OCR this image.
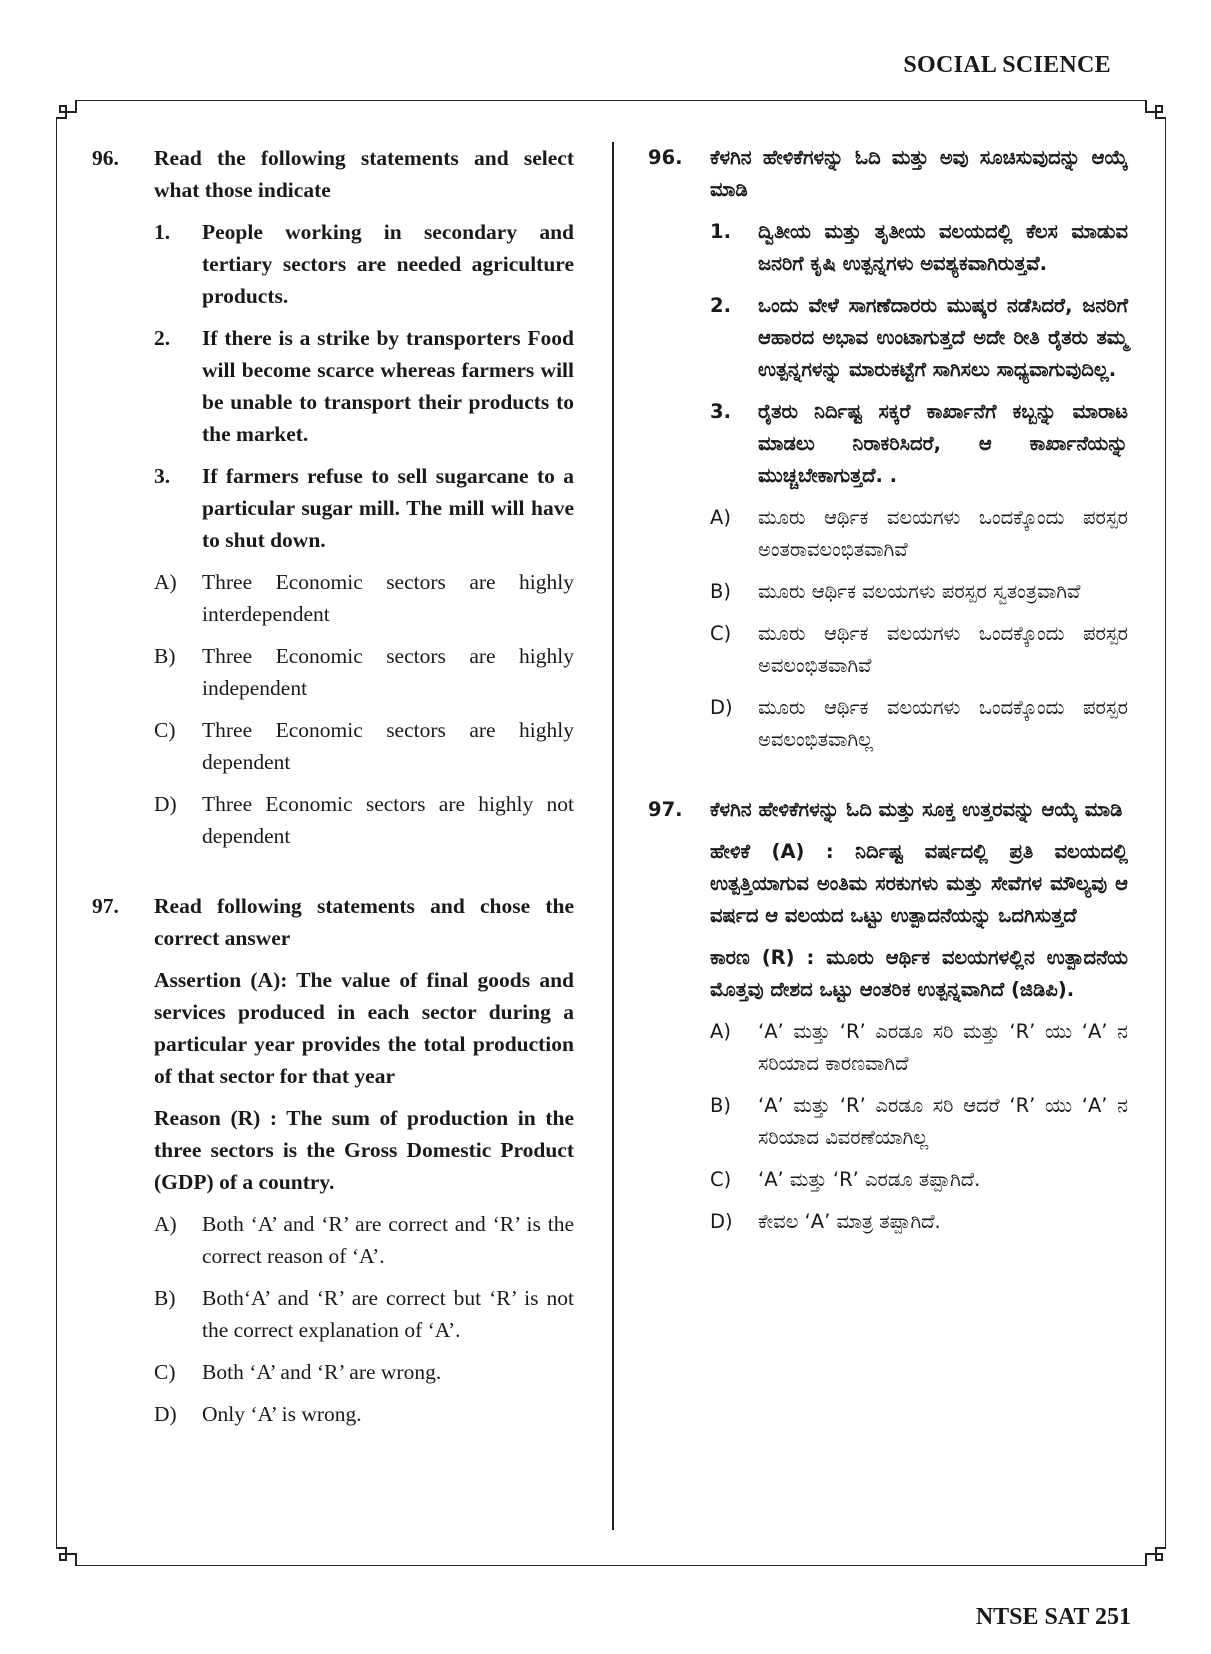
SOCIAL SCIENCE
96.	Read the following statements and select what those indicate
1.	People working in secondary and tertiary sectors are needed agriculture products.
2.	If there is a strike by transporters Food will become scarce whereas farmers will be unable to transport their products to the market.
3.	If farmers refuse to sell sugarcane to a particular sugar mill. The mill will have to shut down.
A)	Three Economic sectors are highly interdependent
B)	Three Economic sectors are highly independent
C)	Three Economic sectors are highly dependent
D)	Three Economic sectors are highly not dependent
97.	Read following statements and chose the correct answer
Assertion (A): The value of final goods and services produced in each sector during a particular year provides the total production of that sector for that year
Reason (R) : The sum of production in the three sectors is the Gross Domestic Product (GDP) of a country.
A)	Both ‘A’ and ‘R’ are correct and ‘R’ is the correct reason of ‘A’.
B)	Both‘A’ and ‘R’ are correct but ‘R’ is not the correct explanation of ‘A’.
C)	Both ‘A’ and ‘R’ are wrong.
D)	Only ‘A’ is wrong.
96.	ಕೆಳಗಿನ ಹೇಳಿಕೆಗಳನ್ನು ಓದಿ ಮತ್ತು ಅವು ಸೂಚಿಸುವುದನ್ನು ಆಯ್ಕೆ ಮಾಡಿ
1.	ದ್ವಿತೀಯ ಮತ್ತು ತೃತೀಯ ವಲಯದಲ್ಲಿ ಕೆಲಸ ಮಾಡುವ ಜನರಿಗೆ ಕೃಷಿ ಉತ್ಪನ್ನಗಳು ಅವಶ್ಯಕವಾಗಿರುತ್ತವೆ.
2.	ಒಂದು ವೇಳೆ ಸಾಗಣೆದಾರರು ಮುಷ್ಕರ ನಡೆಸಿದರೆ, ಜನರಿಗೆ ಆಹಾರದ ಅಭಾವ ಉಂಟಾಗುತ್ತದೆ ಅದೇ ರೀತಿ ರೈತರು ತಮ್ಮ ಉತ್ಪನ್ನಗಳನ್ನು ಮಾರುಕಟ್ಟೆಗೆ ಸಾಗಿಸಲು ಸಾಧ್ಯವಾಗುವುದಿಲ್ಲ.
3.	ರೈತರು ನಿರ್ದಿಷ್ಟ ಸಕ್ಕರೆ ಕಾರ್ಖಾನೆಗೆ ಕಬ್ಬನ್ನು ಮಾರಾಟ ಮಾಡಲು ನಿರಾಕರಿಸಿದರೆ, ಆ ಕಾರ್ಖಾನೆಯನ್ನು ಮುಚ್ಚಬೇಕಾಗುತ್ತದೆ. .
A)	ಮೂರು ಆರ್ಥಿಕ ವಲಯಗಳು ಒಂದಕ್ಕೊಂದು ಪರಸ್ಪರ ಅಂತರಾವಲಂಭಿತವಾಗಿವೆ
B)	ಮೂರು ಆರ್ಥಿಕ ವಲಯಗಳು ಪರಸ್ಪರ ಸ್ವತಂತ್ರವಾಗಿವೆ
C)	ಮೂರು ಆರ್ಥಿಕ ವಲಯಗಳು ಒಂದಕ್ಕೊಂದು ಪರಸ್ಪರ ಅವಲಂಭಿತವಾಗಿವೆ
D)	ಮೂರು ಆರ್ಥಿಕ ವಲಯಗಳು ಒಂದಕ್ಕೊಂದು ಪರಸ್ಪರ ಅವಲಂಭಿತವಾಗಿಲ್ಲ
97.	ಕೆಳಗಿನ ಹೇಳಿಕೆಗಳನ್ನು ಓದಿ ಮತ್ತು ಸೂಕ್ತ ಉತ್ತರವನ್ನು ಆಯ್ಕೆ ಮಾಡಿ
ಹೇಳಿಕೆ (A) : ನಿರ್ದಿಷ್ಟ ವರ್ಷದಲ್ಲಿ ಪ್ರತಿ ವಲಯದಲ್ಲಿ ಉತ್ಪತ್ತಿಯಾಗುವ ಅಂತಿಮ ಸರಕುಗಳು ಮತ್ತು ಸೇವೆಗಳ ಮೌಲ್ಯವು ಆ ವರ್ಷದ ಆ ವಲಯದ ಒಟ್ಟು ಉತ್ಪಾದನೆಯನ್ನು ಒದಗಿಸುತ್ತದೆ
ಕಾರಣ (R) : ಮೂರು ಆರ್ಥಿಕ ವಲಯಗಳಲ್ಲಿನ ಉತ್ಪಾದನೆಯ ಮೊತ್ತವು ದೇಶದ ಒಟ್ಟು ಆಂತರಿಕ ಉತ್ಪನ್ನವಾಗಿದೆ (ಜಿಡಿಪಿ).
A)	‘A’ ಮತ್ತು ‘R’ ಎರಡೂ ಸರಿ ಮತ್ತು ‘R’ ಯು ‘A’ ನ ಸರಿಯಾದ ಕಾರಣವಾಗಿದೆ
B)	‘A’ ಮತ್ತು ‘R’ ಎರಡೂ ಸರಿ ಆದರೆ ‘R’ ಯು ‘A’ ನ ಸರಿಯಾದ ವಿವರಣೆಯಾಗಿಲ್ಲ
C)	‘A’ ಮತ್ತು ‘R’ ಎರಡೂ ತಪ್ಪಾಗಿದೆ.
D)	ಕೇವಲ ‘A’ ಮಾತ್ರ ತಪ್ಪಾಗಿದೆ.
NTSE SAT 251
